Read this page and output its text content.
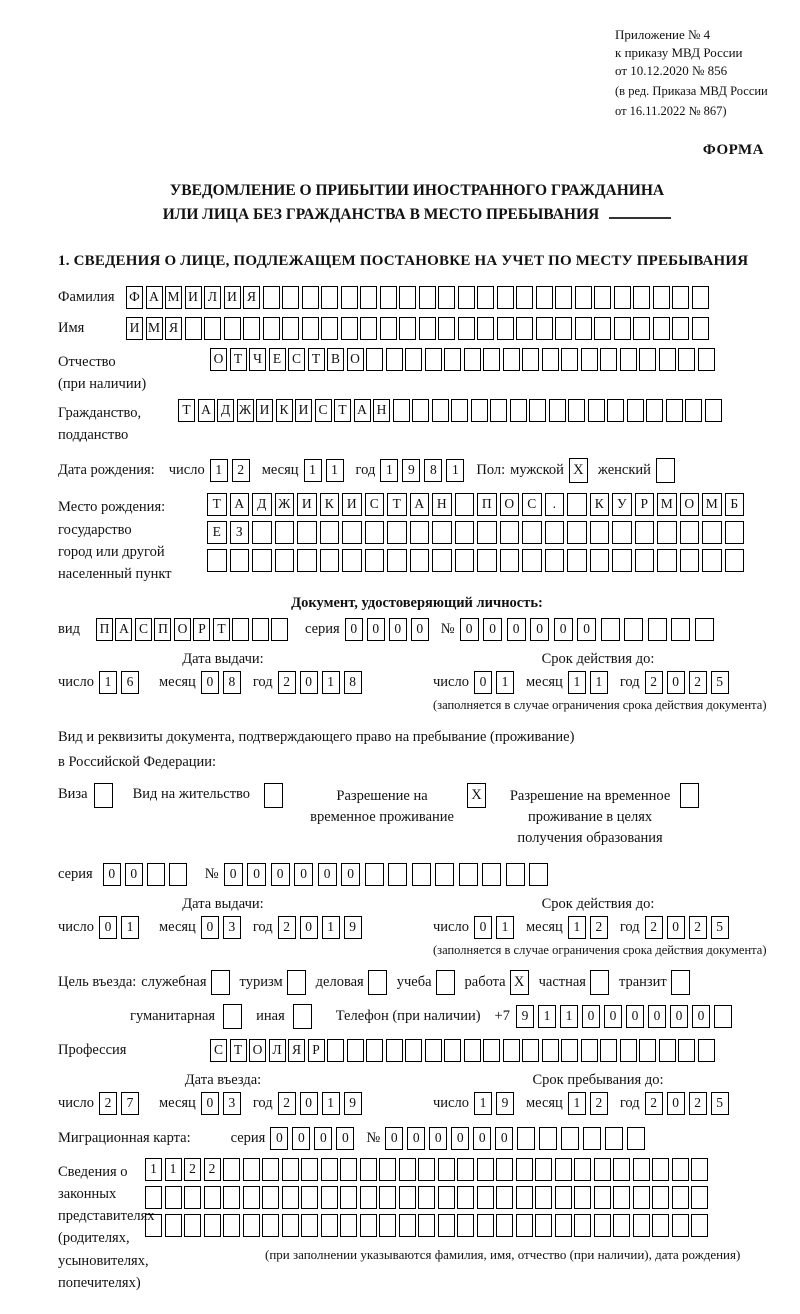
Приложение № 4
к приказу МВД России
от 10.12.2020 № 856
(в ред. Приказа МВД России
от 16.11.2022 № 867)
ФОРМА
УВЕДОМЛЕНИЕ О ПРИБЫТИИ ИНОСТРАННОГО ГРАЖДАНИНА
ИЛИ ЛИЦА БЕЗ ГРАЖДАНСТВА В МЕСТО ПРЕБЫВАНИЯ
1. СВЕДЕНИЯ О ЛИЦЕ, ПОДЛЕЖАЩЕМ ПОСТАНОВКЕ НА УЧЕТ ПО МЕСТУ ПРЕБЫВАНИЯ
Фамилия	Ф А М И Л И Я
Имя	И М Я
Отчество
(при наличии)
О Т Ч Е С Т В О
Гражданство,
подданство
Т А Д Ж И К И С Т А Н
Дата рождения: число 1	2	месяц 1	1	год 1	9	8	1	Пол: мужской X женский
Место рождения:
государство
город или другой
населенный пункт
Т	А Д Ж И К И С	Т	А Н	П О С	.	К У	Р М О М Б
Е	З
Документ, удостоверяющий личность:
вид П А С П О Р Т	серия 0	0	0	0	№ 0	0	0	0	0	0
Дата выдачи:
число 1	6	месяц 0	8	год 2	0	1	8
Срок действия до:
число 0	1	месяц 1	1	год 2	0	2	5
(заполняется в случае ограничения срока действия документа)
Вид и реквизиты документа, подтверждающего право на пребывание (проживание)
в Российской Федерации:
Виза	Вид на жительство	Разрешение на временное проживание
X Разрешение на временное проживание в целях получения образования
серия	0	0	№ 0	0	0	0	0	0
Дата выдачи:
число 0	1	месяц 0	3	год 2	0	1	9
Срок действия до:
число 0	1	месяц 1	2	год 2	0	2	5
(заполняется в случае ограничения срока действия документа)
Цель въезда: служебная туризм деловая учеба работа X частная транзит
гуманитарная	иная	Телефон (при наличии) +7 9	1	1	0	0	0	0	0	0
Профессия	С Т О Л Я Р
Дата въезда:
число 2	7	месяц 0	3	год 2	0	1	9
Срок пребывания до:
число 1	9	месяц 1	2	год 2	0	2	5
Миграционная карта:	серия 0	0	0	0	№ 0	0	0	0	0	0
Сведения о
законных
представителях
(родителях,
усыновителях,
попечителях)
1 1 2 2
(при заполнении указываются фамилия, имя, отчество (при наличии), дата рождения)
